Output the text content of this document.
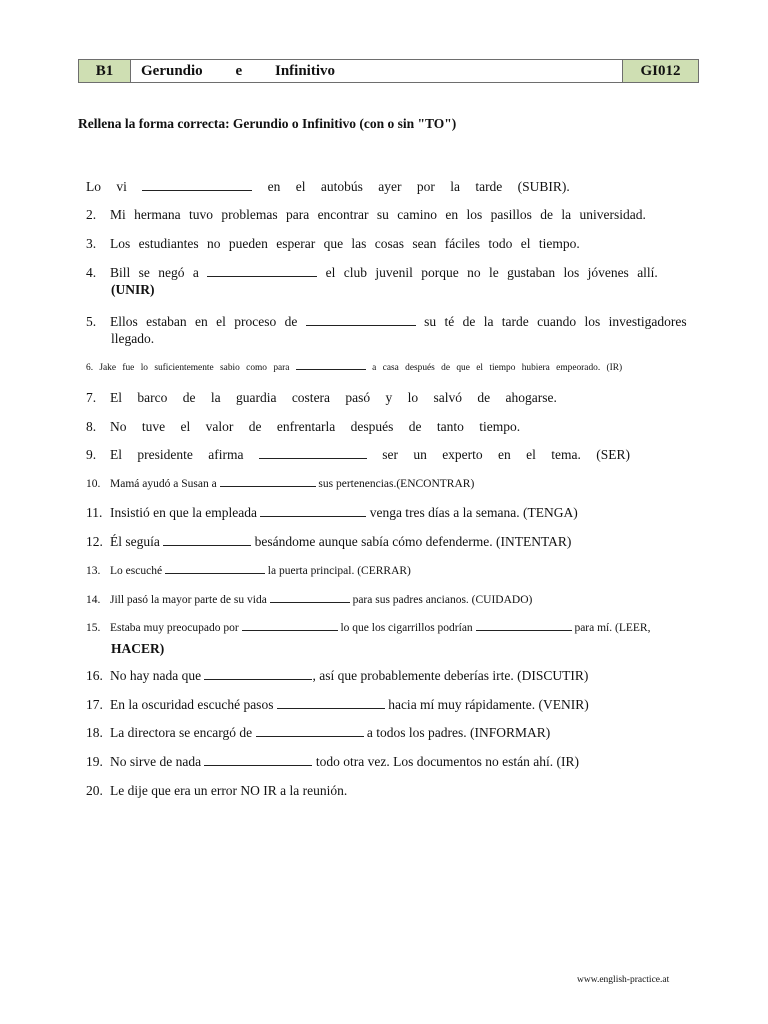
B1	Gerundio e Infinitivo	GI012
Rellena la forma correcta: Gerundio o Infinitivo (con o sin "TO")
Lo vi	en el autobús ayer por la tarde (SUBIR).
2. Mi hermana tuvo problemas para encontrar su camino en los pasillos de la universidad.
3. Los estudiantes no pueden esperar que las cosas sean fáciles todo el tiempo.
4. Bill se negó a	el club juvenil porque no le gustaban los jóvenes allí.
(UNIR)
5. Ellos estaban en el proceso de	su té de la tarde cuando los investigadores
llegado.
6. Jake fue lo suficientemente sabio como para	a casa después de que el tiempo hubiera empeorado. (IR)
7. El barco de la guardia costera pasó y lo salvó de ahogarse.
8. No tuve el valor de enfrentarla después de tanto tiempo.
9. El presidente afirma	ser un experto en el tema. (SER)
10. Mamá ayudó a Susan a	sus pertenencias.(ENCONTRAR)
11. Insistió en que la empleada	venga tres días a la semana. (TENGA)
12. Él seguía	besándome aunque sabía cómo defenderme. (INTENTAR)
13. Lo escuché	la puerta principal. (CERRAR)
14. Jill pasó la mayor parte de su vida	para sus padres ancianos. (CUIDADO)
15. Estaba muy preocupado por	lo que los cigarrillos podrían	para mí. (LEER,
HACER)
16. No hay nada que	, así que probablemente deberías irte. (DISCUTIR)
17. En la oscuridad escuché pasos	hacia mí muy rápidamente. (VENIR)
18. La directora se encargó de	a todos los padres. (INFORMAR)
19. No sirve de nada	todo otra vez. Los documentos no están ahí. (IR)
20. Le dije que era un error NO IR a la reunión.
www.english-practice.at
